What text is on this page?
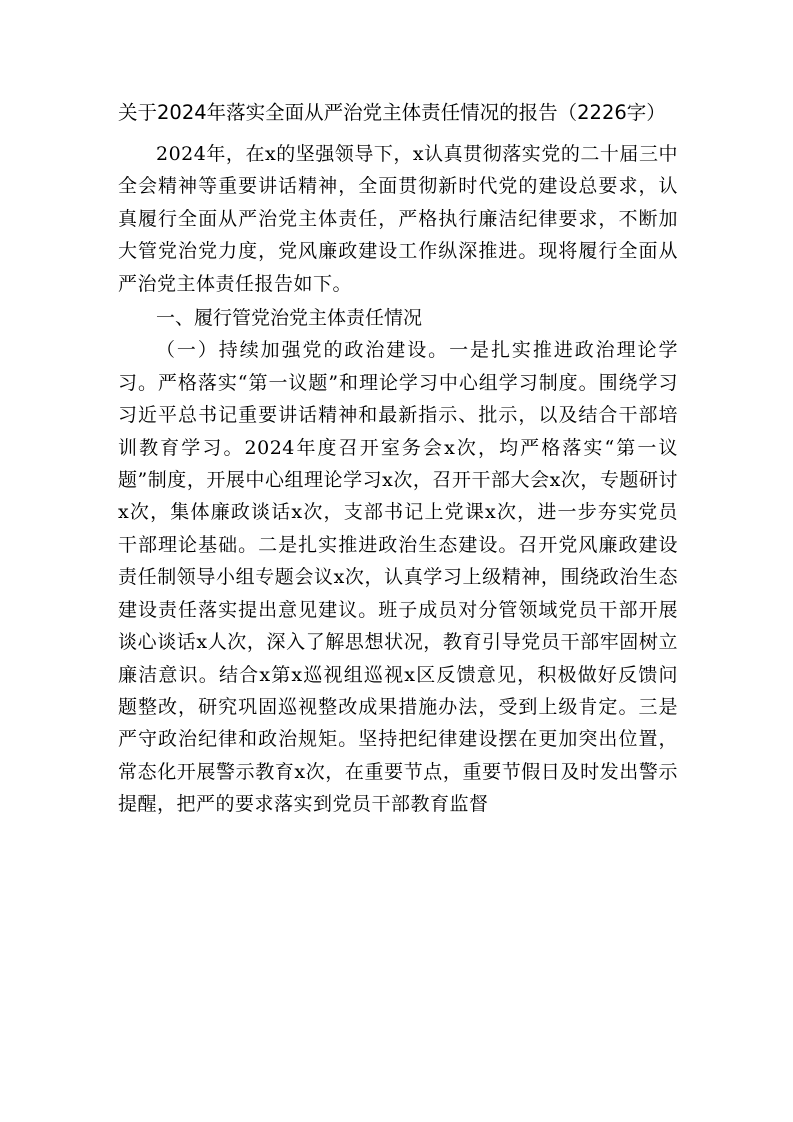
关于2024年落实全面从严治党主体责任情况的报告（2226字）

2024年，在x的坚强领导下，x认真贯彻落实党的二十届三中全会精神等重要讲话精神，全面贯彻新时代党的建设总要求，认真履行全面从严治党主体责任，严格执行廉洁纪律要求，不断加大管党治党力度，党风廉政建设工作纵深推进。现将履行全面从严治党主体责任报告如下。

一、履行管党治党主体责任情况

（一）持续加强党的政治建设。一是扎实推进政治理论学习。严格落实“第一议题”和理论学习中心组学习制度。围绕学习习近平总书记重要讲话精神和最新指示、批示，以及结合干部培训教育学习。2024年度召开室务会x次，均严格落实“第一议题”制度，开展中心组理论学习x次，召开干部大会x次，专题研讨x次，集体廉政谈话x次，支部书记上党课x次，进一步夯实党员干部理论基础。二是扎实推进政治生态建设。召开党风廉政建设责任制领导小组专题会议x次，认真学习上级精神，围绕政治生态建设责任落实提出意见建议。班子成员对分管领域党员干部开展谈心谈话x人次，深入了解思想状况，教育引导党员干部牢固树立廉洁意识。结合x第x巡视组巡视x区反馈意见，积极做好反馈问题整改，研究巩固巡视整改成果措施办法，受到上级肯定。三是严守政治纪律和政治规矩。坚持把纪律建设摆在更加突出位置，常态化开展警示教育x次，在重要节点，重要节假日及时发出警示提醒，把严的要求落实到党员干部教育监督
